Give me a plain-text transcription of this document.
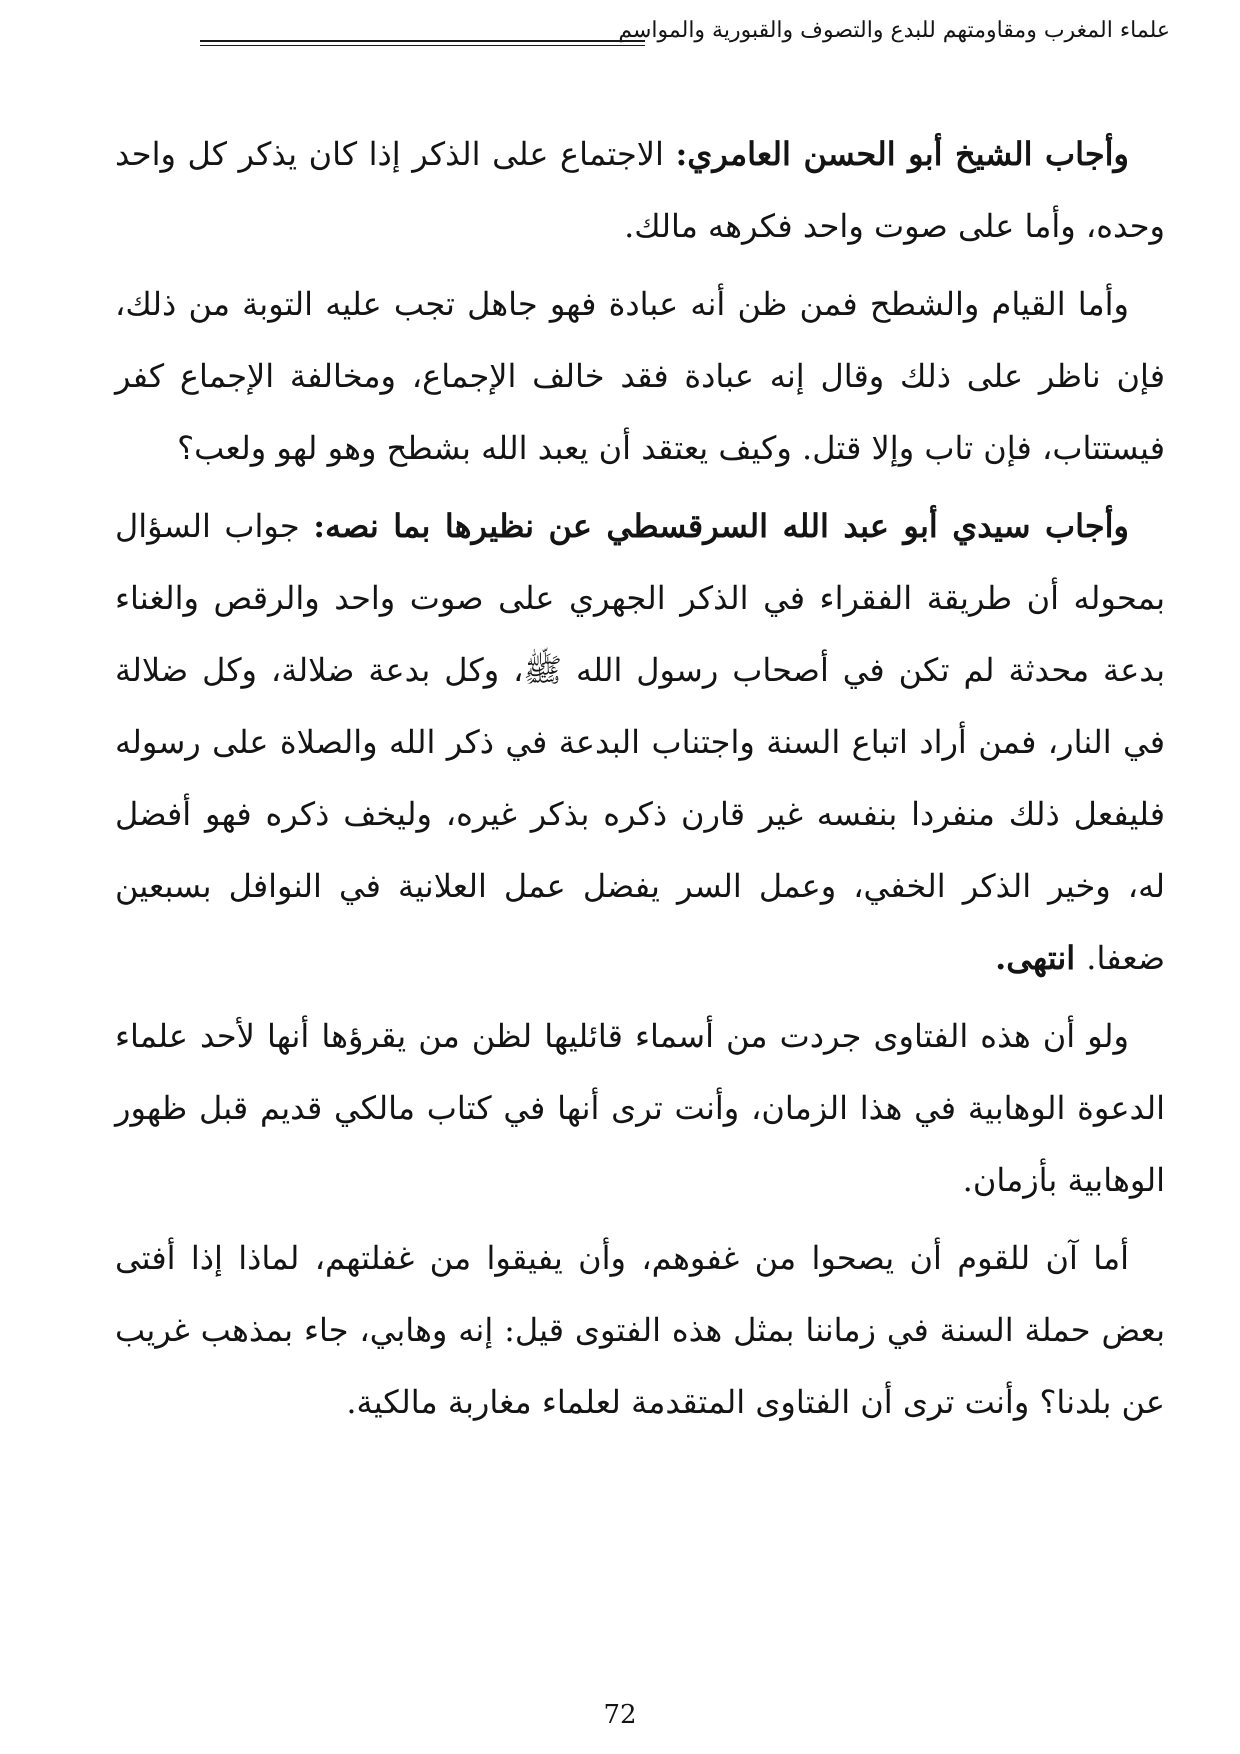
علماء المغرب ومقاومتهم للبدع والتصوف والقبورية والمواسم

وأجاب الشيخ أبو الحسن العامري: الاجتماع على الذكر إذا كان يذكر كل واحد وحده، وأما على صوت واحد فكرهه مالك.

وأما القيام والشطح فمن ظن أنه عبادة فهو جاهل تجب عليه التوبة من ذلك، فإن ناظر على ذلك وقال إنه عبادة فقد خالف الإجماع، ومخالفة الإجماع كفر فيستتاب، فإن تاب وإلا قتل. وكيف يعتقد أن يعبد الله بشطح وهو لهو ولعب؟

وأجاب سيدي أبو عبد الله السرقسطي عن نظيرها بما نصه: جواب السؤال بمحوله أن طريقة الفقراء في الذكر الجهري على صوت واحد والرقص والغناء بدعة محدثة لم تكن في أصحاب رسول الله ﷺ، وكل بدعة ضلالة، وكل ضلالة في النار، فمن أراد اتباع السنة واجتناب البدعة في ذكر الله والصلاة على رسوله فليفعل ذلك منفردا بنفسه غير قارن ذكره بذكر غيره، وليخف ذكره فهو أفضل له، وخير الذكر الخفي، وعمل السر يفضل عمل العلانية في النوافل بسبعين ضعفا. انتهى.

ولو أن هذه الفتاوى جردت من أسماء قائليها لظن من يقرؤها أنها لأحد علماء الدعوة الوهابية في هذا الزمان، وأنت ترى أنها في كتاب مالكي قديم قبل ظهور الوهابية بأزمان.

أما آن للقوم أن يصحوا من غفوهم، وأن يفيقوا من غفلتهم، لماذا إذا أفتى بعض حملة السنة في زماننا بمثل هذه الفتوى قيل: إنه وهابي، جاء بمذهب غريب عن بلدنا؟ وأنت ترى أن الفتاوى المتقدمة لعلماء مغاربة مالكية.

72
